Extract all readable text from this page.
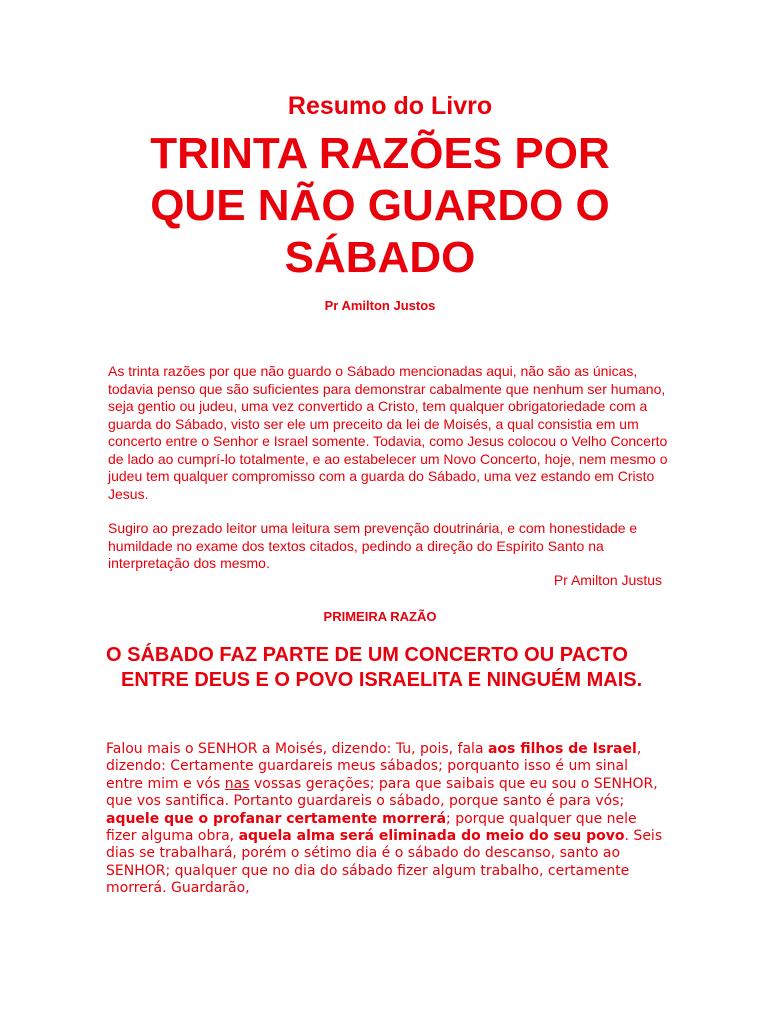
Resumo do Livro
TRINTA RAZÕES POR QUE NÃO GUARDO O SÁBADO
Pr Amilton Justos

As trinta razões por que não guardo o Sábado mencionadas aqui, não são as únicas, todavia penso que são suficientes para demonstrar cabalmente que nenhum ser humano, seja gentio ou judeu, uma vez convertido a Cristo, tem qualquer obrigatoriedade com a guarda do Sábado, visto ser ele um preceito da lei de Moisés, a qual consistia em um concerto entre o Senhor e Israel somente. Todavia, como Jesus colocou o Velho Concerto de lado ao cumprí-lo totalmente, e ao estabelecer um Novo Concerto, hoje, nem mesmo o judeu tem qualquer compromisso com a guarda do Sábado, uma vez estando em Cristo Jesus.

Sugiro ao prezado leitor uma leitura sem prevenção doutrinária, e com honestidade e humildade no exame dos textos citados, pedindo a direção do Espírito Santo na interpretação dos mesmo.

Pr Amilton Justus
PRIMEIRA RAZÃO
O SÁBADO FAZ PARTE DE UM CONCERTO OU PACTO ENTRE DEUS E O POVO ISRAELITA E NINGUÉM MAIS.
Falou mais o SENHOR a Moisés, dizendo: Tu, pois, fala aos filhos de Israel, dizendo: Certamente guardareis meus sábados; porquanto isso é um sinal entre mim e vós nas vossas gerações; para que saibais que eu sou o SENHOR, que vos santifica. Portanto guardareis o sábado, porque santo é para vós; aquele que o profanar certamente morrerá; porque qualquer que nele fizer alguma obra, aquela alma será eliminada do meio do seu povo. Seis dias se trabalhará, porém o sétimo dia é o sábado do descanso, santo ao SENHOR; qualquer que no dia do sábado fizer algum trabalho, certamente morrerá. Guardarão,
